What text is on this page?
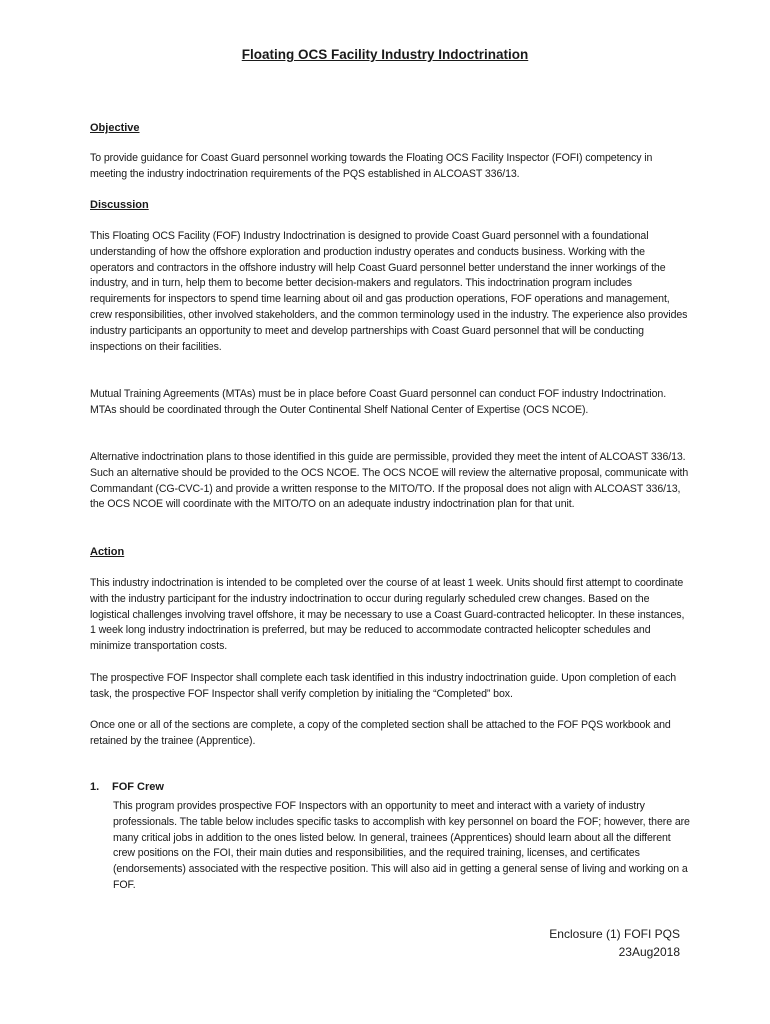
Floating OCS Facility Industry Indoctrination
Objective

To provide guidance for Coast Guard personnel working towards the Floating OCS Facility Inspector (FOFI) competency in meeting the industry indoctrination requirements of the PQS established in ALCOAST 336/13.

Discussion

This Floating OCS Facility (FOF) Industry Indoctrination is designed to provide Coast Guard personnel with a foundational understanding of how the offshore exploration and production industry operates and conducts business. Working with the operators and contractors in the offshore industry will help Coast Guard personnel better understand the inner workings of the industry, and in turn, help them to become better decision-makers and regulators. This indoctrination program includes requirements for inspectors to spend time learning about oil and gas production operations, FOF operations and management, crew responsibilities, other involved stakeholders, and the common terminology used in the industry. The experience also provides industry participants an opportunity to meet and develop partnerships with Coast Guard personnel that will be conducting inspections on their facilities.

Mutual Training Agreements (MTAs) must be in place before Coast Guard personnel can conduct FOF industry Indoctrination. MTAs should be coordinated through the Outer Continental Shelf National Center of Expertise (OCS NCOE).

Alternative indoctrination plans to those identified in this guide are permissible, provided they meet the intent of ALCOAST 336/13. Such an alternative should be provided to the OCS NCOE. The OCS NCOE will review the alternative proposal, communicate with Commandant (CG-CVC-1) and provide a written response to the MITO/TO. If the proposal does not align with ALCOAST 336/13, the OCS NCOE will coordinate with the MITO/TO on an adequate industry indoctrination plan for that unit.

Action

This industry indoctrination is intended to be completed over the course of at least 1 week. Units should first attempt to coordinate with the industry participant for the industry indoctrination to occur during regularly scheduled crew changes. Based on the logistical challenges involving travel offshore, it may be necessary to use a Coast Guard-contracted helicopter. In these instances, 1 week long industry indoctrination is preferred, but may be reduced to accommodate contracted helicopter schedules and minimize transportation costs.

The prospective FOF Inspector shall complete each task identified in this industry indoctrination guide. Upon completion of each task, the prospective FOF Inspector shall verify completion by initialing the “Completed” box.

Once one or all of the sections are complete, a copy of the completed section shall be attached to the FOF PQS workbook and retained by the trainee (Apprentice).

1. FOF Crew

This program provides prospective FOF Inspectors with an opportunity to meet and interact with a variety of industry professionals. The table below includes specific tasks to accomplish with key personnel on board the FOF; however, there are many critical jobs in addition to the ones listed below. In general, trainees (Apprentices) should learn about all the different crew positions on the FOI, their main duties and responsibilities, and the required training, licenses, and certificates (endorsements) associated with the respective position. This will also aid in getting a general sense of living and working on a FOF.

Enclosure (1) FOFI PQS
23Aug2018
